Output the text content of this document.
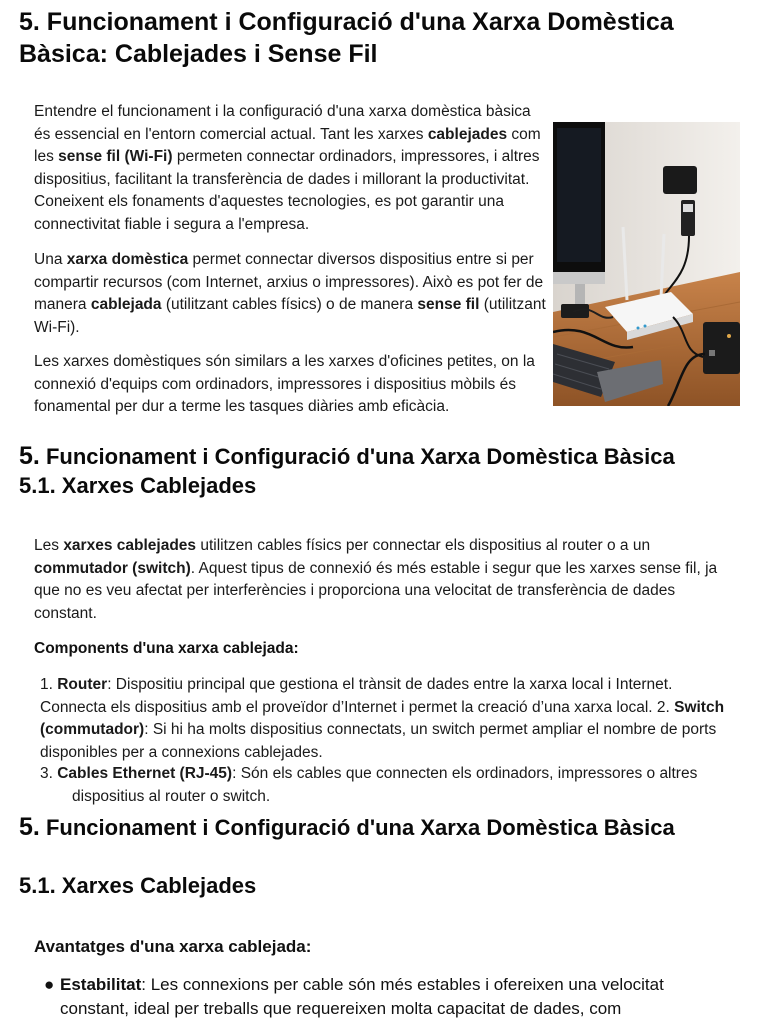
5. Funcionament i Configuració d'una Xarxa Domèstica Bàsica: Cablejades i Sense Fil

Entendre el funcionament i la configuració d'una xarxa domèstica bàsica és essencial en l'entorn comercial actual. Tant les xarxes cablejades com les sense fil (Wi-Fi) permeten connectar ordinadors, impressores, i altres dispositius, facilitant la transferència de dades i millorant la productivitat. Coneixent els fonaments d'aquestes tecnologies, es pot garantir una connectivitat fiable i segura a l'empresa.

Una xarxa domèstica permet connectar diversos dispositius entre si per compartir recursos (com Internet, arxius o impressores). Això es pot fer de manera cablejada (utilitzant cables físics) o de manera sense fil (utilitzant Wi-Fi).

Les xarxes domèstiques són similars a les xarxes d'oficines petites, on la connexió d'equips com ordinadors, impressores i dispositius mòbils és fonamental per dur a terme les tasques diàries amb eficàcia.

5. Funcionament i Configuració d'una Xarxa Domèstica Bàsica
5.1. Xarxes Cablejades

Les xarxes cablejades utilitzen cables físics per connectar els dispositius al router o a un commutador (switch). Aquest tipus de connexió és més estable i segur que les xarxes sense fil, ja que no es veu afectat per interferències i proporciona una velocitat de transferència de dades constant.

Components d'una xarxa cablejada:

1. Router: Dispositiu principal que gestiona el trànsit de dades entre la xarxa local i Internet. Connecta els dispositius amb el proveïdor d’Internet i permet la creació d’una xarxa local. 2. Switch (commutador): Si hi ha molts dispositius connectats, un switch permet ampliar el nombre de ports disponibles per a connexions cablejades.

3. Cables Ethernet (RJ-45): Són els cables que connecten els ordinadors, impressores o altres dispositius al router o switch.

5. Funcionament i Configuració d'una Xarxa Domèstica Bàsica
5.1. Xarxes Cablejades
Avantatges d'una xarxa cablejada:
● Estabilitat: Les connexions per cable són més estables i ofereixen una velocitat constant, ideal per treballs que requereixen molta capacitat de dades, com
